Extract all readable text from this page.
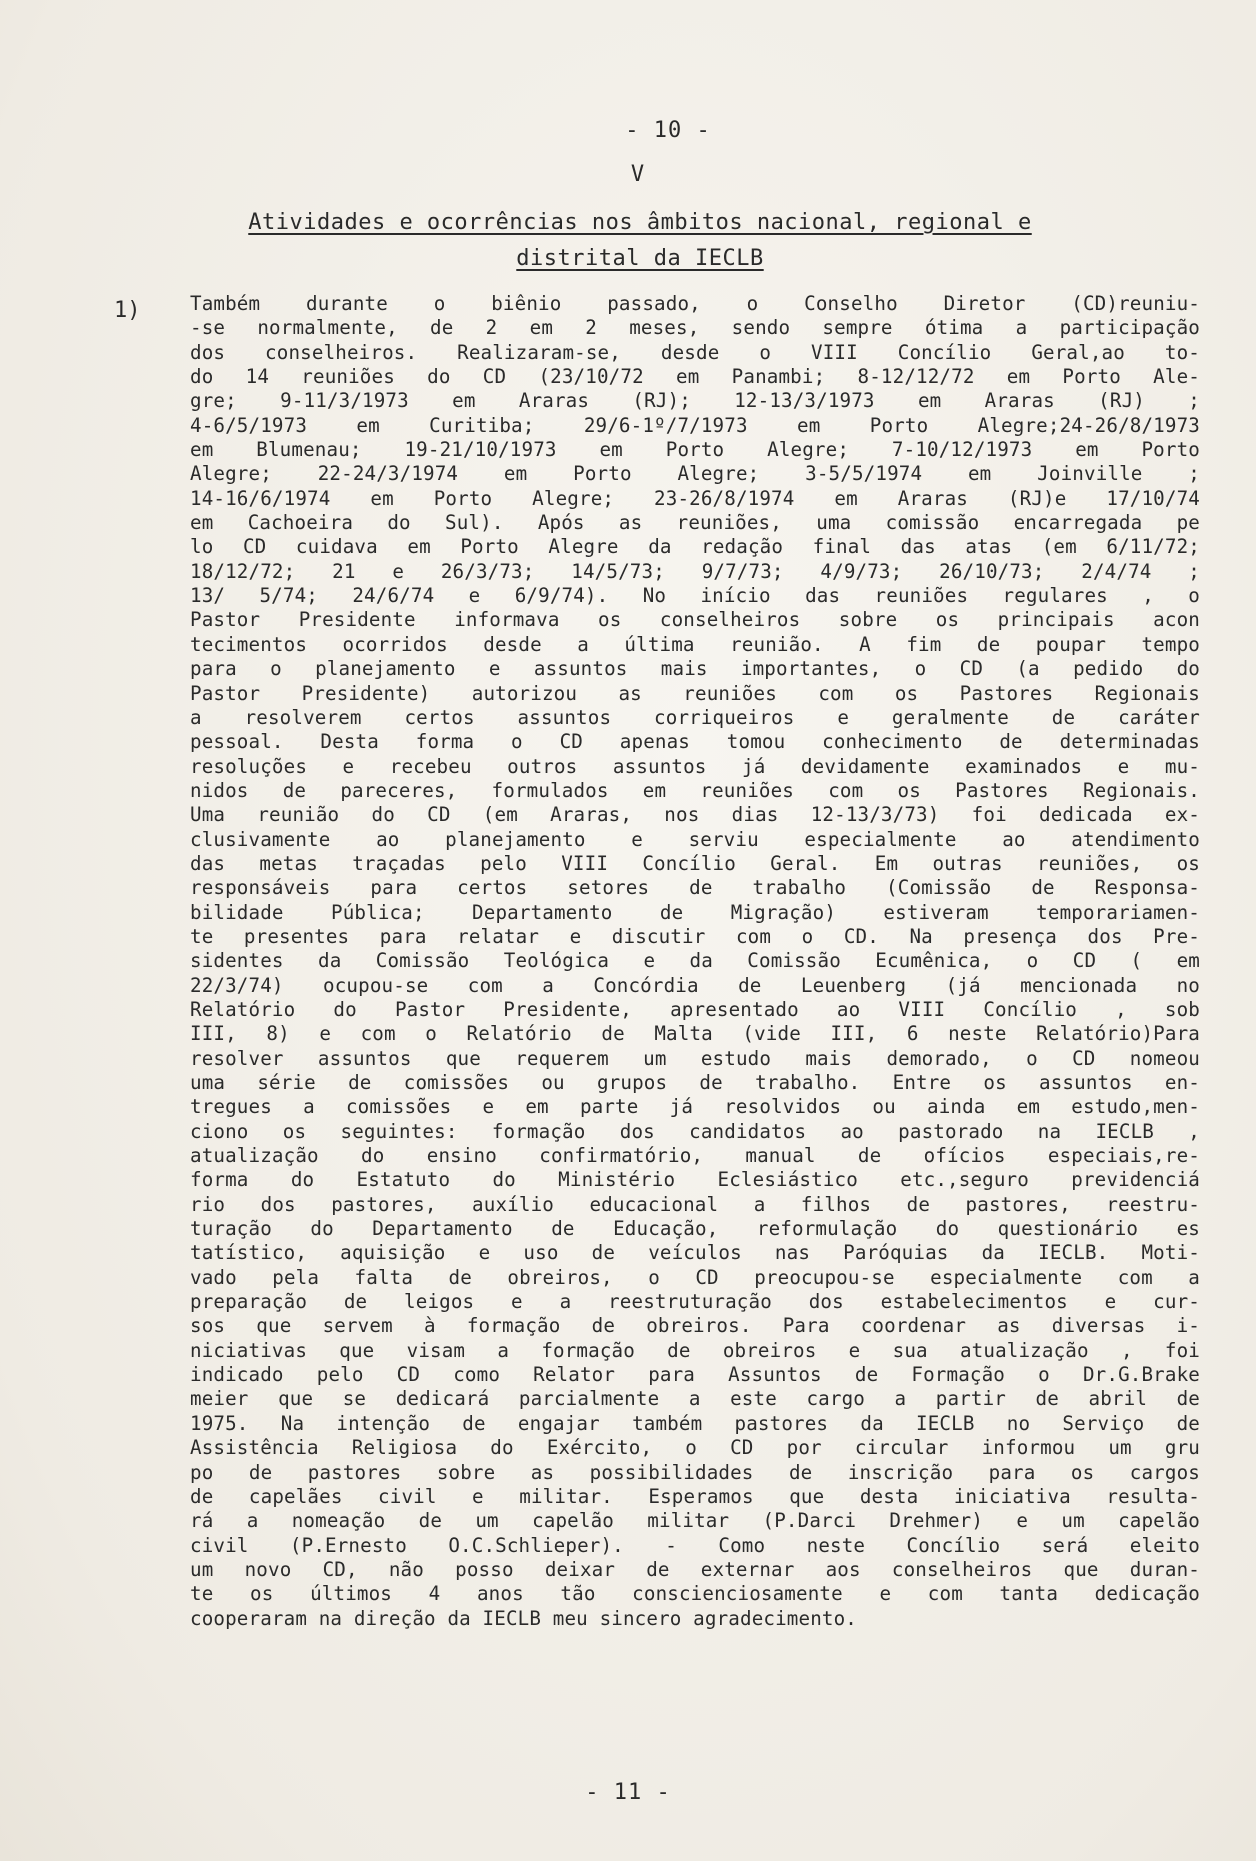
- 10 -
V
Atividades e ocorrências nos âmbitos nacional, regional e
distrital da IECLB
1)	Também durante o biênio passado, o Conselho Diretor (CD)reuniu-
-se normalmente, de 2 em 2 meses, sendo sempre ótima a participação
dos conselheiros. Realizaram-se, desde o VIII Concílio Geral,ao to-
do 14 reuniões do CD (23/10/72 em Panambi; 8-12/12/72 em Porto Ale-
gre; 9-11/3/1973 em Araras (RJ); 12-13/3/1973 em Araras (RJ) ;
4-6/5/1973 em Curitiba; 29/6-1º/7/1973 em Porto Alegre;24-26/8/1973
em Blumenau; 19-21/10/1973 em Porto Alegre; 7-10/12/1973 em Porto
Alegre; 22-24/3/1974 em Porto Alegre; 3-5/5/1974 em Joinville ;
14-16/6/1974 em Porto Alegre; 23-26/8/1974 em Araras (RJ)e 17/10/74
em Cachoeira do Sul). Após as reuniões, uma comissão encarregada pe
lo CD cuidava em Porto Alegre da redação final das atas (em 6/11/72;
18/12/72; 21 e 26/3/73; 14/5/73; 9/7/73; 4/9/73; 26/10/73; 2/4/74 ;
13/ 5/74; 24/6/74 e 6/9/74). No início das reuniões regulares , o
Pastor Presidente informava os conselheiros sobre os principais acon
tecimentos ocorridos desde a última reunião. A fim de poupar tempo
para o planejamento e assuntos mais importantes, o CD (a pedido do
Pastor Presidente) autorizou as reuniões com os Pastores Regionais
a resolverem certos assuntos corriqueiros e geralmente de caráter
pessoal. Desta forma o CD apenas tomou conhecimento de determinadas
resoluções e recebeu outros assuntos já devidamente examinados e mu-
nidos de pareceres, formulados em reuniões com os Pastores Regionais.
Uma reunião do CD (em Araras, nos dias 12-13/3/73) foi dedicada ex-
clusivamente ao planejamento e serviu especialmente ao atendimento
das metas traçadas pelo VIII Concílio Geral. Em outras reuniões, os
responsáveis para certos setores de trabalho (Comissão de Responsa-
bilidade Pública; Departamento de Migração) estiveram temporariamen-
te presentes para relatar e discutir com o CD. Na presença dos Pre-
sidentes da Comissão Teológica e da Comissão Ecumênica, o CD ( em
22/3/74) ocupou-se com a Concórdia de Leuenberg (já mencionada no
Relatório do Pastor Presidente, apresentado ao VIII Concílio , sob
III, 8) e com o Relatório de Malta (vide III, 6 neste Relatório)Para
resolver assuntos que requerem um estudo mais demorado, o CD nomeou
uma série de comissões ou grupos de trabalho. Entre os assuntos en-
tregues a comissões e em parte já resolvidos ou ainda em estudo,men-
ciono os seguintes: formação dos candidatos ao pastorado na IECLB ,
atualização do ensino confirmatório, manual de ofícios especiais,re-
forma do Estatuto do Ministério Eclesiástico etc.,seguro previdenciá
rio dos pastores, auxílio educacional a filhos de pastores, reestru-
turação do Departamento de Educação, reformulação do questionário es
tatístico, aquisição e uso de veículos nas Paróquias da IECLB. Moti-
vado pela falta de obreiros, o CD preocupou-se especialmente com a
preparação de leigos e a reestruturação dos estabelecimentos e cur-
sos que servem à formação de obreiros. Para coordenar as diversas i-
niciativas que visam a formação de obreiros e sua atualização , foi
indicado pelo CD como Relator para Assuntos de Formação o Dr.G.Brake
meier que se dedicará parcialmente a este cargo a partir de abril de
1975. Na intenção de engajar também pastores da IECLB no Serviço de
Assistência Religiosa do Exército, o CD por circular informou um gru
po de pastores sobre as possibilidades de inscrição para os cargos
de capelães civil e militar. Esperamos que desta iniciativa resulta-
rá a nomeação de um capelão militar (P.Darci Drehmer) e um capelão
civil (P.Ernesto O.C.Schlieper). - Como neste Concílio será eleito
um novo CD, não posso deixar de externar aos conselheiros que duran-
te os últimos 4 anos tão conscienciosamente e com tanta dedicação
cooperaram na direção da IECLB meu sincero agradecimento.
- 11 -
